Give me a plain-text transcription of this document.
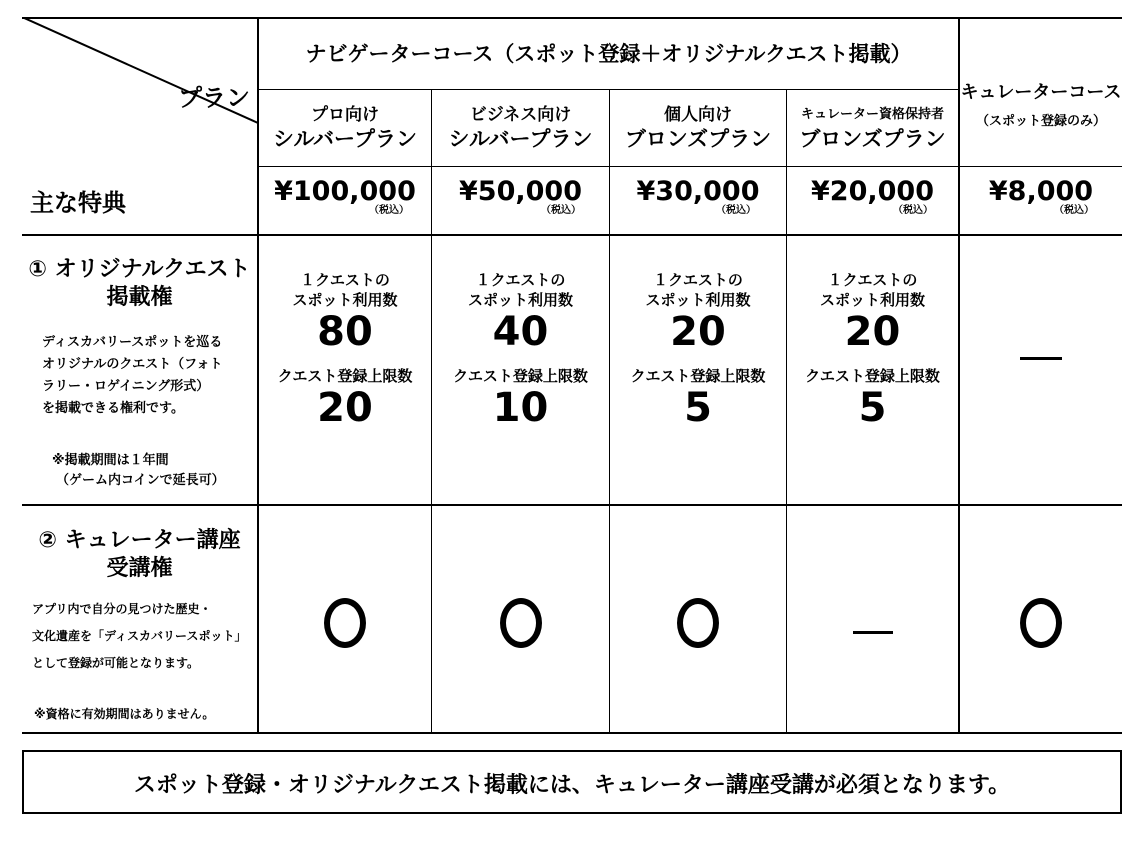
プラン
主な特典
ナビゲーターコース（スポット登録＋オリジナルクエスト掲載）
キュレーターコース
（スポット登録のみ）
プロ向け
シルバープラン
ビジネス向け
シルバープラン
個人向け
ブロンズプラン
キュレーター資格保持者
ブロンズプラン
¥100,000
（税込）
¥50,000
（税込）
¥30,000
（税込）
¥20,000
（税込）
¥8,000
（税込）
① オリジナルクエスト
掲載権
ディスカバリースポットを巡る
オリジナルのクエスト（フォト
ラリー・ロゲイニング形式）
を掲載できる権利です。
※掲載期間は１年間
（ゲーム内コインで延長可）
１クエストの
スポット利用数
80
クエスト登録上限数
20
１クエストの
スポット利用数
40
クエスト登録上限数
10
１クエストの
スポット利用数
20
クエスト登録上限数
5
１クエストの
スポット利用数
20
クエスト登録上限数
5
② キュレーター講座
受講権
アプリ内で自分の見つけた歴史・
文化遺産を「ディスカバリースポット」
として登録が可能となります。
※資格に有効期間はありません。
スポット登録・オリジナルクエスト掲載には、キュレーター講座受講が必須となります。
